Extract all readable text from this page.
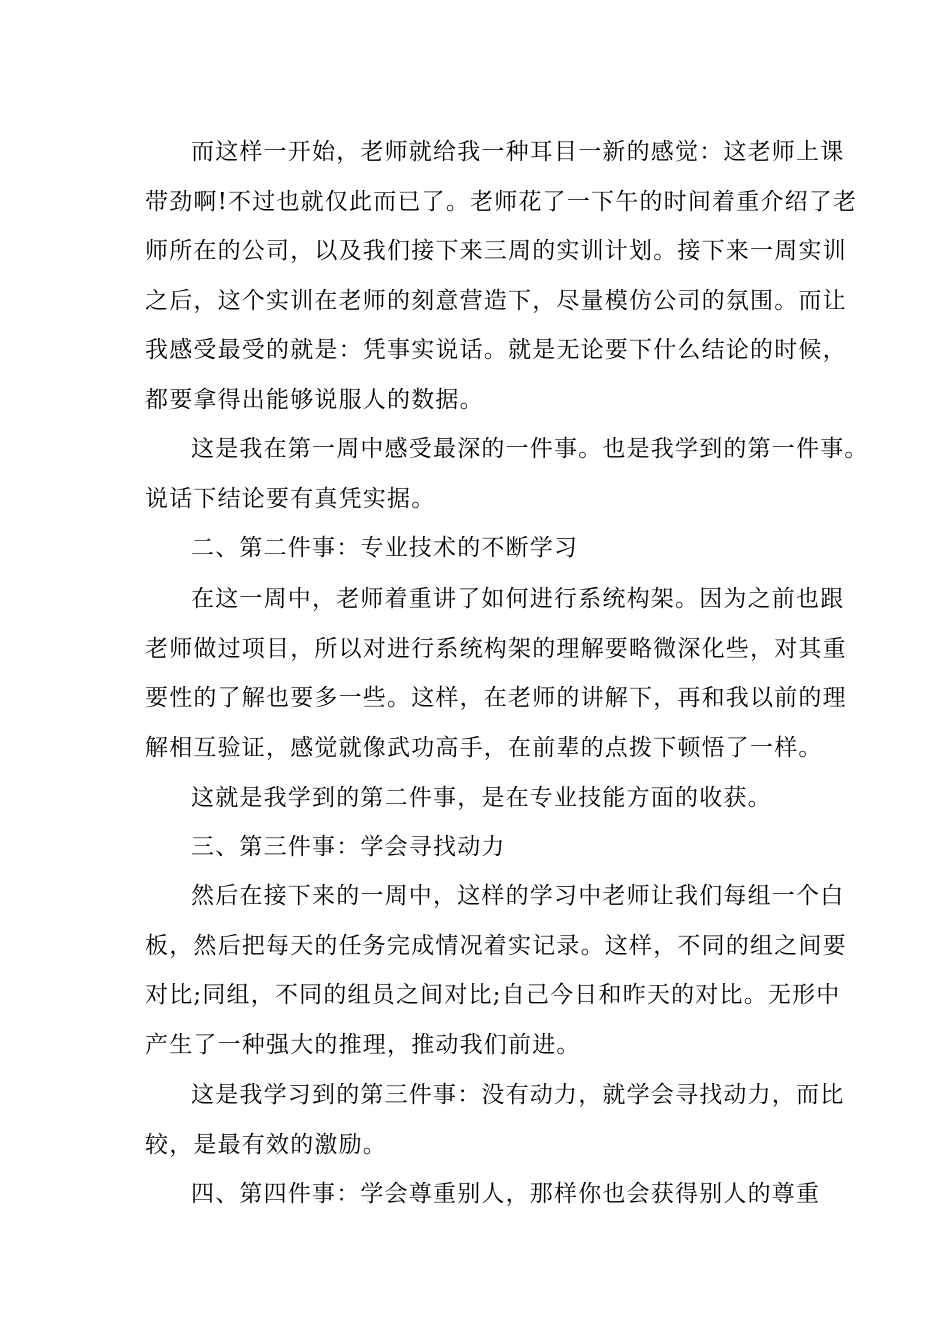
而这样一开始，老师就给我一种耳目一新的感觉：这老师上课
带劲啊!不过也就仅此而已了。老师花了一下午的时间着重介绍了老
师所在的公司，以及我们接下来三周的实训计划。接下来一周实训
之后，这个实训在老师的刻意营造下，尽量模仿公司的氛围。而让
我感受最受的就是：凭事实说话。就是无论要下什么结论的时候，
都要拿得出能够说服人的数据。
这是我在第一周中感受最深的一件事。也是我学到的第一件事。
说话下结论要有真凭实据。
二、第二件事：专业技术的不断学习
在这一周中，老师着重讲了如何进行系统构架。因为之前也跟
老师做过项目，所以对进行系统构架的理解要略微深化些，对其重
要性的了解也要多一些。这样，在老师的讲解下，再和我以前的理
解相互验证，感觉就像武功高手，在前辈的点拨下顿悟了一样。
这就是我学到的第二件事，是在专业技能方面的收获。
三、第三件事：学会寻找动力
然后在接下来的一周中，这样的学习中老师让我们每组一个白
板，然后把每天的任务完成情况着实记录。这样，不同的组之间要
对比;同组，不同的组员之间对比;自己今日和昨天的对比。无形中
产生了一种强大的推理，推动我们前进。
这是我学习到的第三件事：没有动力，就学会寻找动力，而比
较，是最有效的激励。
四、第四件事：学会尊重别人，那样你也会获得别人的尊重
